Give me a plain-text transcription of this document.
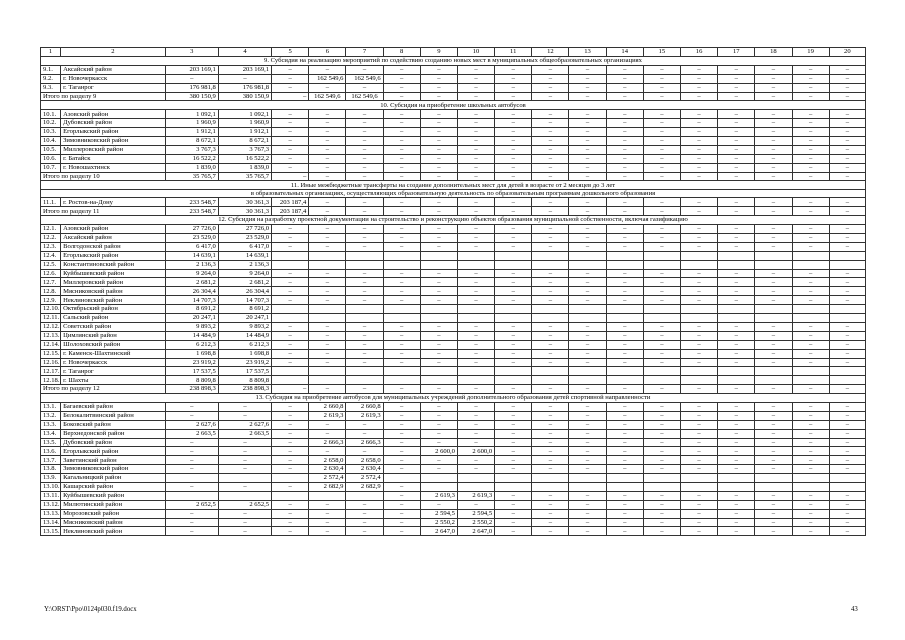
1	2	3	4	5	6	7	8	9	10	11	12	13	14	15	16	17	18	19	20
9. Субсидия на реализацию мероприятий по содействию созданию новых мест в муниципальных общеобразовательных организациях																			
9.1.	Аксайский район	203 169,1	203 169,1	–	–	–	–	–	–	–	–	–	–	–	–	–	–	–	–
9.2.	г. Новочеркасск	–	–	–	162 549,6	162 549,6	–	–	–	–	–	–	–	–	–	–	–	–	–
9.3.	г. Таганрог	176 981,8	176 981,8	–	–	–	–	–	–	–	–	–	–	–	–	–	–	–	–
Итого по разделу 9		380 150,9	380 150,9	–	162 549,6	162 549,6	–	–	–	–	–	–	–	–	–	–	–	–	–
10. Субсидия на приобретение школьных автобусов																			
10.1.	Азовский район	1 092,1	1 092,1	–	–	–	–	–	–	–	–	–	–	–	–	–	–	–	–
10.2.	Дубовский район	1 960,9	1 960,9	–	–	–	–	–	–	–	–	–	–	–	–	–	–	–	–
10.3.	Егорлыкский район	1 912,1	1 912,1	–	–	–	–	–	–	–	–	–	–	–	–	–	–	–	–
10.4.	Зимовниковский район	8 672,1	8 672,1	–	–	–	–	–	–	–	–	–	–	–	–	–	–	–	–
10.5.	Миллеровский район	3 767,3	3 767,3	–	–	–	–	–	–	–	–	–	–	–	–	–	–	–	–
10.6.	г. Батайск	16 522,2	16 522,2	–	–	–	–	–	–	–	–	–	–	–	–	–	–	–	–
10.7.	г. Новошахтинск	1 839,0	1 839,0	–	–	–	–	–	–	–	–	–	–	–	–	–	–	–	–
Итого по разделу 10		35 765,7	35 765,7	–	–	–	–	–	–	–	–	–	–	–	–	–	–	–	–
11. Иные межбюджетные трансферты на создание дополнительных мест для детей в возрасте от 2 месяцев до 3 лет																			
в образовательных организациях, осуществляющих образовательную деятельность по образовательным программам дошкольного образования																			
11.1.	г. Ростов-на-Дону	233 548,7	30 361,3	203 187,4	–	–	–	–	–	–	–	–	–	–	–	–	–	–	–
Итого по разделу 11		233 548,7	30 361,3	203 187,4	–	–	–	–	–	–	–	–	–	–	–	–	–	–	–
12. Субсидия на разработку проектной документации на строительство и реконструкцию объектов образования муниципальной собственности, включая газификацию																			
12.1.	Азовский район	27 726,0	27 726,0	–	–	–	–	–	–	–	–	–	–	–	–	–	–	–	–
12.2.	Аксайский район	23 529,0	23 529,0	–	–	–	–	–	–	–	–	–	–	–	–	–	–	–	–
12.3.	Волгодонской район	6 417,0	6 417,0	–	–	–	–	–	–	–	–	–	–	–	–	–	–	–	–
12.4.	Егорлыкский район	14 639,1	14 639,1																
12.5.	Константиновский район	2 136,3	2 136,3																
12.6.	Куйбышевский район	9 264,0	9 264,0	–	–	–	–	–	–	–	–	–	–	–	–	–	–	–	–
12.7.	Миллеровский район	2 681,2	2 681,2	–	–	–	–	–	–	–	–	–	–	–	–	–	–	–	–
12.8.	Мясниковский район	26 304,4	26 304,4	–	–	–	–	–	–	–	–	–	–	–	–	–	–	–	–
12.9.	Неклиновский район	14 707,3	14 707,3	–	–	–	–	–	–	–	–	–	–	–	–	–	–	–	–
12.10.	Октябрьский район	8 691,2	8 691,2																
12.11.	Сальский район	20 247,1	20 247,1																
12.12.	Советский район	9 893,2	9 893,2	–	–	–	–	–	–	–	–	–	–	–	–	–	–	–	–
12.13.	Цимлянский район	14 484,9	14 484,9	–	–	–	–	–	–	–	–	–	–	–	–	–	–	–	–
12.14.	Шолоховский район	6 212,3	6 212,3	–	–	–	–	–	–	–	–	–	–	–	–	–	–	–	–
12.15.	г. Каменск-Шахтинский	1 698,8	1 698,8	–	–	–	–	–	–	–	–	–	–	–	–	–	–	–	–
12.16.	г. Новочеркасск	23 919,2	23 919,2	–	–	–	–	–	–	–	–	–	–	–	–	–	–	–	–
12.17.	г. Таганрог	17 537,5	17 537,5																
12.18.	г. Шахты	8 809,8	8 809,8																
Итого по разделу 12		238 898,3	238 898,3	–	–	–	–	–	–	–	–	–	–	–	–	–	–	–	–
13. Субсидия на приобретение автобусов для муниципальных учреждений дополнительного образования детей спортивной направленности																			
13.1.	Багаевский район	–	–	–	2 660,8	2 660,8	–	–	–	–	–	–	–	–	–	–	–	–	–
13.2.	Белокалитвинский район	–	–	–	2 619,3	2 619,3	–	–	–	–	–	–	–	–	–	–	–	–	–
13.3.	Боковский район	2 627,6	2 627,6	–	–	–	–	–	–	–	–	–	–	–	–	–	–	–	–
13.4.	Верхнедонской район	2 663,5	2 663,5	–	–	–	–	–	–	–	–	–	–	–	–	–	–	–	–
13.5.	Дубовский район	–	–	–	2 666,3	2 666,3	–	–	–	–	–	–	–	–	–	–	–	–	–
13.6.	Егорлыкский район	–	–	–	–	–	–	2 600,0	2 600,0	–	–	–	–	–	–	–	–	–	–
13.7.	Заветинский район	–	–	–	2 658,0	2 658,0	–	–	–	–	–	–	–	–	–	–	–	–	–
13.8.	Зимовниковский район	–	–	–	2 630,4	2 630,4	–	–	–	–	–	–	–	–	–	–	–	–	–
13.9.	Кагальницкий район				2 572,4	2 572,4													
13.10.	Кашарский район	–	–	–	2 682,9	2 682,9	–												
13.11.	Куйбышевский район						–	2 619,3	2 619,3	–	–	–	–	–	–	–	–	–	–
13.12.	Милютинский район	2 652,5	2 652,5	–	–	–	–	–	–	–	–	–	–	–	–	–	–	–	–
13.13.	Морозовский район	–	–	–	–	–	–	2 594,5	2 594,5	–	–	–	–	–	–	–	–	–	–
13.14.	Мясниковский район	–	–	–	–	–	–	2 550,2	2 550,2	–	–	–	–	–	–	–	–	–	–
13.15.	Неклиновский район	–	–	–	–	–	–	2 647,0	2 647,0	–	–	–	–	–	–	–	–	–	–
Y:\ORST\Ppo\0124p030.f19.docx	43
